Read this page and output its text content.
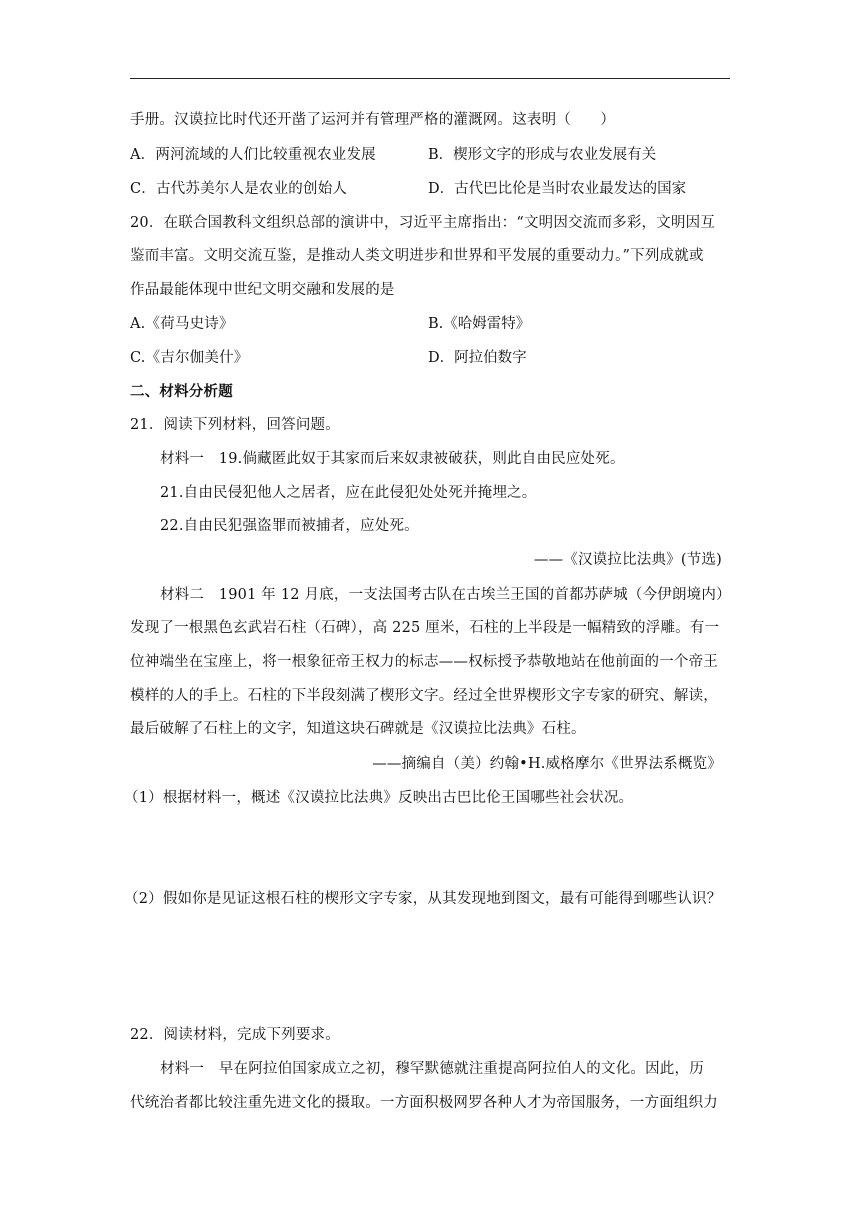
手册。汉谟拉比时代还开凿了运河并有管理严格的灌溉网。这表明（　　）
A．两河流域的人们比较重视农业发展	B．楔形文字的形成与农业发展有关
C．古代苏美尔人是农业的创始人	D．古代巴比伦是当时农业最发达的国家
20．在联合国教科文组织总部的演讲中，习近平主席指出：“文明因交流而多彩，文明因互
鉴而丰富。文明交流互鉴，是推动人类文明进步和世界和平发展的重要动力。”下列成就或
作品最能体现中世纪文明交融和发展的是
A.《荷马史诗》	B.《哈姆雷特》
C.《吉尔伽美什》	D．阿拉伯数字
二、材料分析题
21．阅读下列材料，回答问题。
材料一　19.倘藏匿此奴于其家而后来奴隶被破获，则此自由民应处死。
21.自由民侵犯他人之居者，应在此侵犯处处死并掩埋之。
22.自由民犯强盗罪而被捕者，应处死。
——《汉谟拉比法典》(节选)
材料二　1901 年 12 月底，一支法国考古队在古埃兰王国的首都苏萨城（今伊朗境内）
发现了一根黑色玄武岩石柱（石碑），高 225 厘米，石柱的上半段是一幅精致的浮雕。有一
位神端坐在宝座上，将一根象征帝王权力的标志——权标授予恭敬地站在他前面的一个帝王
模样的人的手上。石柱的下半段刻满了楔形文字。经过全世界楔形文字专家的研究、解读，
最后破解了石柱上的文字，知道这块石碑就是《汉谟拉比法典》石柱。
——摘编自（美）约翰•H.威格摩尔《世界法系概览》
（1）根据材料一，概述《汉谟拉比法典》反映出古巴比伦王国哪些社会状况。
（2）假如你是见证这根石柱的楔形文字专家，从其发现地到图文，最有可能得到哪些认识？
22．阅读材料，完成下列要求。
材料一　早在阿拉伯国家成立之初，穆罕默德就注重提高阿拉伯人的文化。因此，历
代统治者都比较注重先进文化的摄取。一方面积极网罗各种人才为帝国服务，一方面组织力
